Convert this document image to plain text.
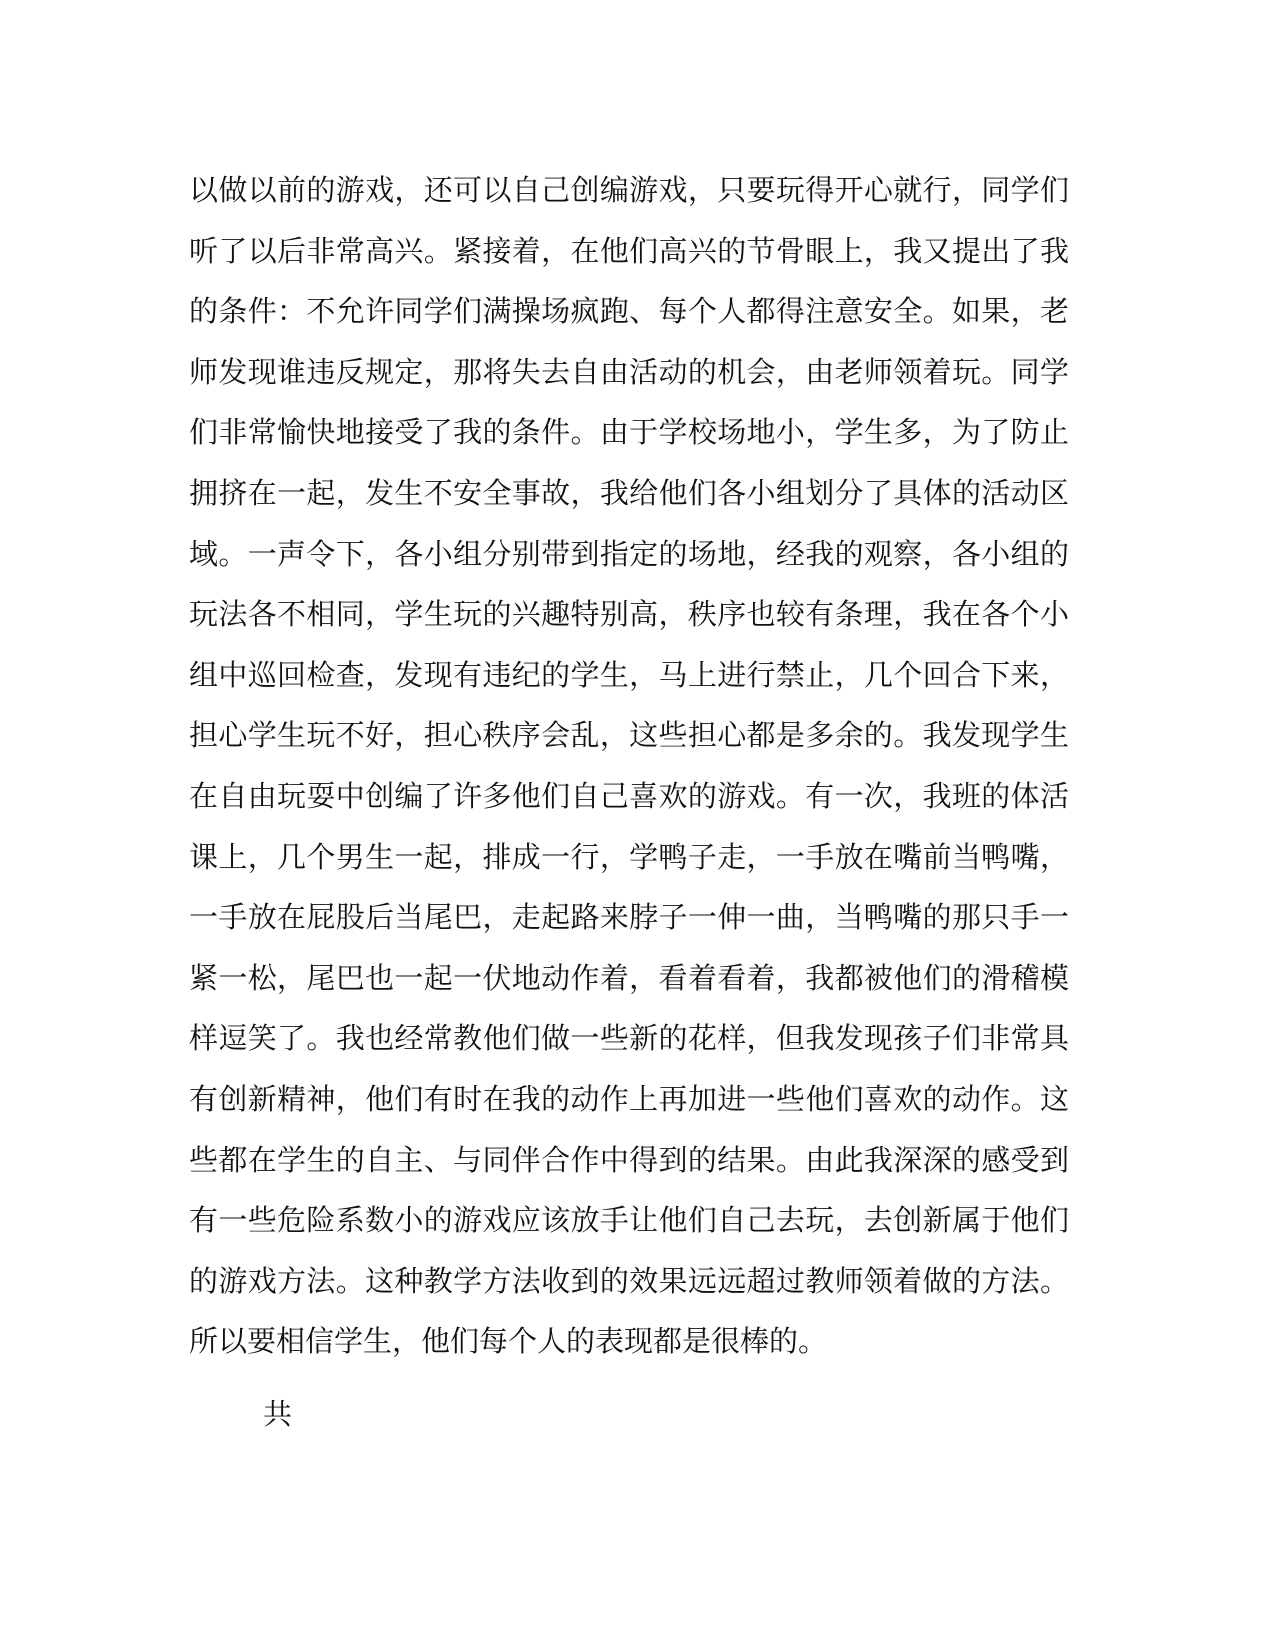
以做以前的游戏，还可以自己创编游戏，只要玩得开心就行，同学们
听了以后非常高兴。紧接着，在他们高兴的节骨眼上，我又提出了我
的条件：不允许同学们满操场疯跑、每个人都得注意安全。如果，老
师发现谁违反规定，那将失去自由活动的机会，由老师领着玩。同学
们非常愉快地接受了我的条件。由于学校场地小，学生多，为了防止
拥挤在一起，发生不安全事故，我给他们各小组划分了具体的活动区
域。一声令下，各小组分别带到指定的场地，经我的观察，各小组的
玩法各不相同，学生玩的兴趣特别高，秩序也较有条理，我在各个小
组中巡回检查，发现有违纪的学生，马上进行禁止，几个回合下来，
担心学生玩不好，担心秩序会乱，这些担心都是多余的。我发现学生
在自由玩耍中创编了许多他们自己喜欢的游戏。有一次，我班的体活
课上，几个男生一起，排成一行，学鸭子走，一手放在嘴前当鸭嘴，
一手放在屁股后当尾巴，走起路来脖子一伸一曲，当鸭嘴的那只手一
紧一松，尾巴也一起一伏地动作着，看着看着，我都被他们的滑稽模
样逗笑了。我也经常教他们做一些新的花样，但我发现孩子们非常具
有创新精神，他们有时在我的动作上再加进一些他们喜欢的动作。这
些都在学生的自主、与同伴合作中得到的结果。由此我深深的感受到
有一些危险系数小的游戏应该放手让他们自己去玩，去创新属于他们
的游戏方法。这种教学方法收到的效果远远超过教师领着做的方法。
所以要相信学生，他们每个人的表现都是很棒的。
共
